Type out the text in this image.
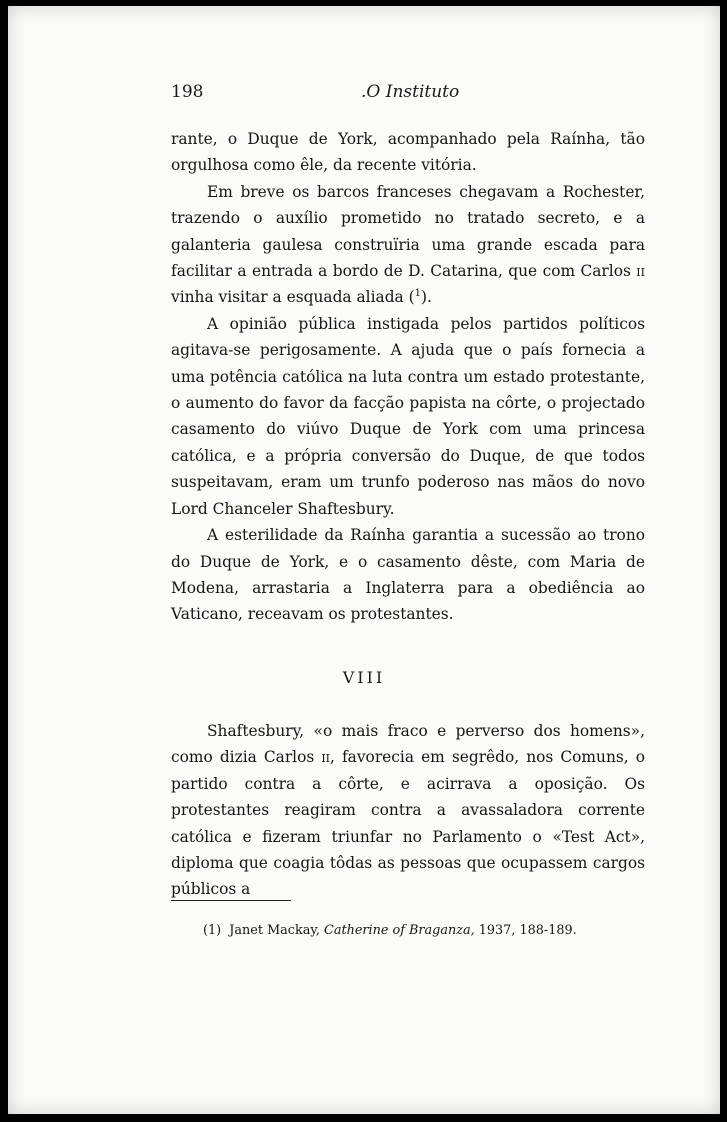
198	.O Instituto

rante, o Duque de York, acompanhado pela Raínha, tão orgulhosa como êle, da recente vitória.

Em breve os barcos franceses chegavam a Rochester, trazendo o auxílio prometido no tratado secreto, e a galanteria gaulesa construïria uma grande escada para facilitar a entrada a bordo de D. Catarina, que com Carlos ii vinha visitar a esquada aliada ($^1$).

A opinião pública instigada pelos partidos políticos agitava-se perigosamente. A ajuda que o país fornecia a uma potência católica na luta contra um estado protestante, o aumento do favor da facção papista na côrte, o projectado casamento do viúvo Duque de York com uma princesa católica, e a própria conversão do Duque, de que todos suspeitavam, eram um trunfo poderoso nas mãos do novo Lord Chanceler Shaftesbury.

A esterilidade da Raínha garantia a sucessão ao trono do Duque de York, e o casamento dêste, com Maria de Modena, arrastaria a Inglaterra para a obediência ao Vaticano, receavam os protestantes.

VIII

Shaftesbury, «o mais fraco e perverso dos homens», como dizia Carlos ii, favorecia em segrêdo, nos Comuns, o partido contra a côrte, e acirrava a oposição. Os protestantes reagiram contra a avassaladora corrente católica e fizeram triunfar no Parlamento o «Test Act», diploma que coagia tôdas as pessoas que ocupassem cargos públicos a

(1) Janet Mackay, Catherine of Braganza, 1937, 188-189.
